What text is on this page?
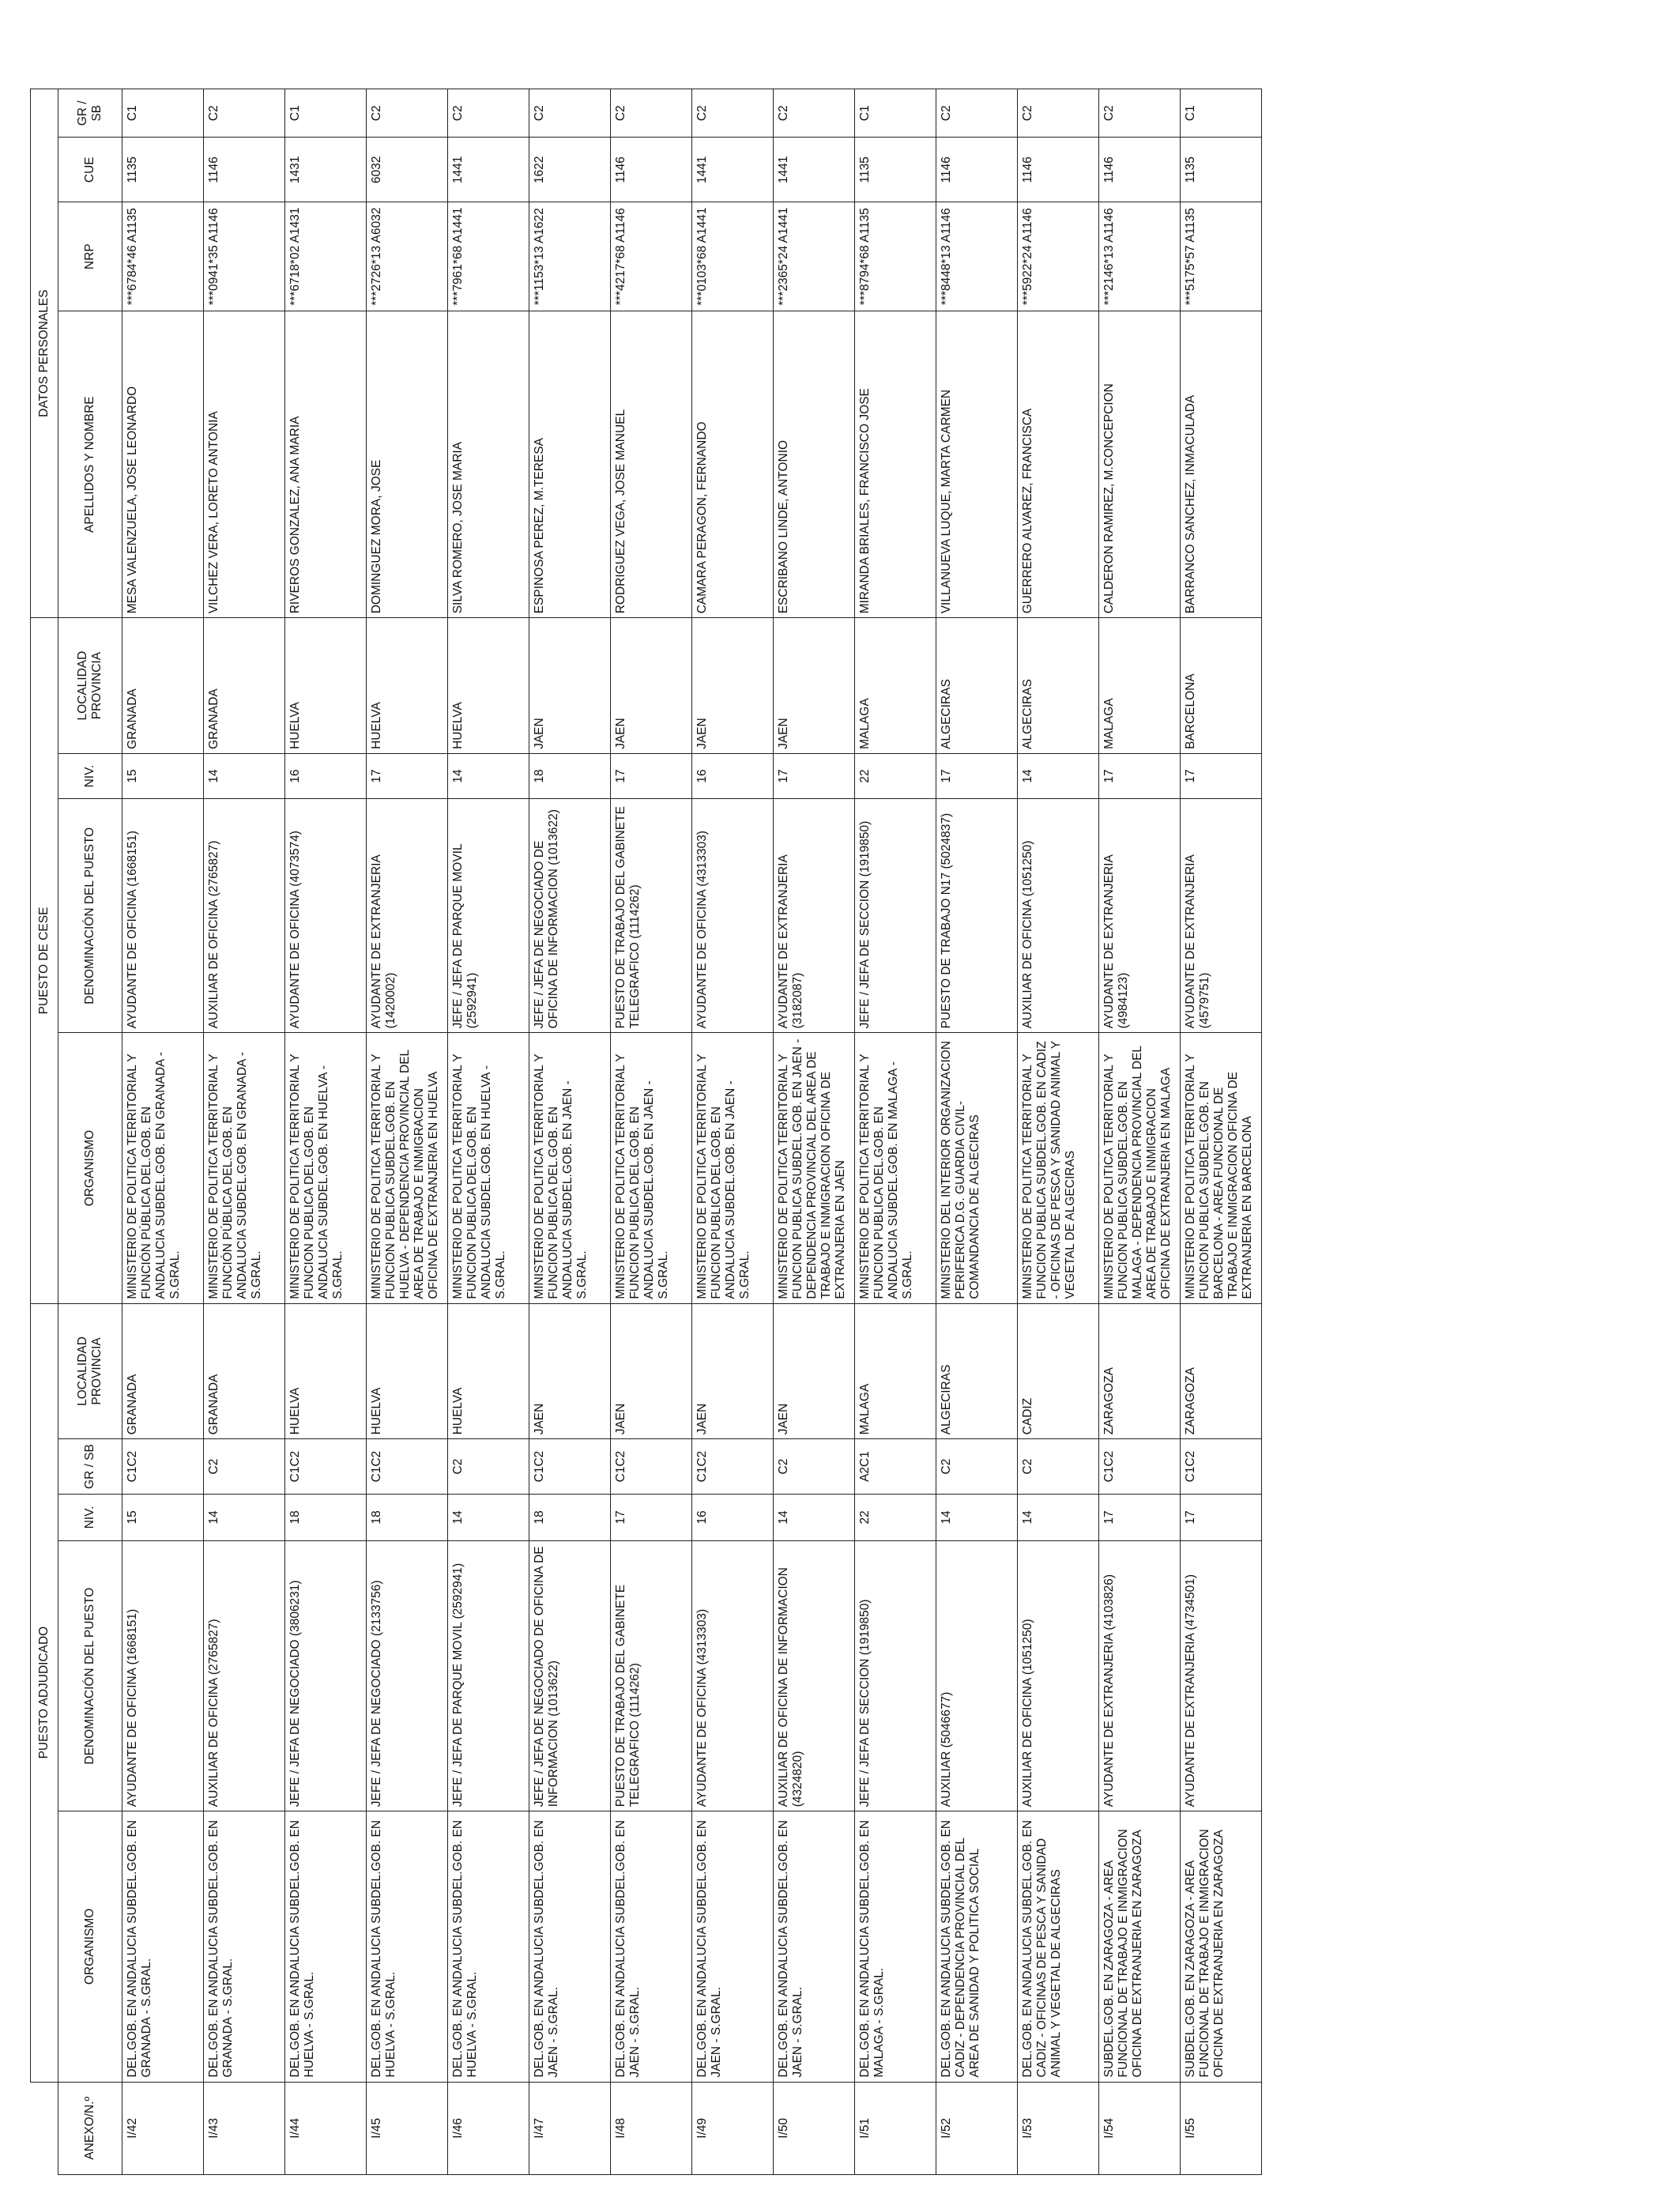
	PUESTO ADJUDICADO					PUESTO DE CESE				DATOS PERSONALES			
ANEXO/N.º	ORGANISMO	DENOMINACIÓN DEL PUESTO	NIV.	GR / SB	LOCALIDAD PROVINCIA	ORGANISMO	DENOMINACIÓN DEL PUESTO	NIV.	LOCALIDAD PROVINCIA	APELLIDOS Y NOMBRE	NRP	CUE	GR / SB
I/42	DEL.GOB. EN ANDALUCIA SUBDEL.GOB. EN GRANADA - S.GRAL.	AYUDANTE DE OFICINA (1668151)	15	C1C2	GRANADA	MINISTERIO DE POLITICA TERRITORIAL Y FUNCIÓN PÚBLICA DEL.GOB. EN ANDALUCIA SUBDEL.GOB. EN GRANADA - S.GRAL.	AYUDANTE DE OFICINA (1668151)	15	GRANADA	MESA VALENZUELA, JOSE LEONARDO	***6784*46 A1135	1135	C1
I/43	DEL.GOB. EN ANDALUCIA SUBDEL.GOB. EN GRANADA - S.GRAL.	AUXILIAR DE OFICINA (2765827)	14	C2	GRANADA	MINISTERIO DE POLITICA TERRITORIAL Y FUNCIÓN PÚBLICA DEL.GOB. EN ANDALUCIA SUBDEL.GOB. EN GRANADA - S.GRAL.	AUXILIAR DE OFICINA (2765827)	14	GRANADA	VILCHEZ VERA, LORETO ANTONIA	***0941*35 A1146	1146	C2
I/44	DEL.GOB. EN ANDALUCIA SUBDEL.GOB. EN HUELVA - S.GRAL.	JEFE / JEFA DE NEGOCIADO (3806231)	18	C1C2	HUELVA	MINISTERIO DE POLITICA TERRITORIAL Y FUNCION PUBLICA DEL.GOB. EN ANDALUCIA SUBDEL.GOB. EN HUELVA - S.GRAL.	AYUDANTE DE OFICINA (4073574)	16	HUELVA	RIVEROS GONZALEZ, ANA MARIA	***6718*02 A1431	1431	C1
I/45	DEL.GOB. EN ANDALUCIA SUBDEL.GOB. EN HUELVA - S.GRAL.	JEFE / JEFA DE NEGOCIADO (2133756)	18	C1C2	HUELVA	MINISTERIO DE POLITICA TERRITORIAL Y FUNCION PUBLICA SUBDEL.GOB. EN HUELVA - DEPENDENCIA PROVINCIAL DEL AREA DE TRABAJO E INMIGRACION OFICINA DE EXTRANJERIA EN HUELVA	AYUDANTE DE EXTRANJERIA (1420002)	17	HUELVA	DOMINGUEZ MORA, JOSE	***2726*13 A6032	6032	C2
I/46	DEL.GOB. EN ANDALUCIA SUBDEL.GOB. EN HUELVA - S.GRAL.	JEFE / JEFA DE PARQUE MOVIL (2592941)	14	C2	HUELVA	MINISTERIO DE POLITICA TERRITORIAL Y FUNCION PUBLICA DEL.GOB. EN ANDALUCIA SUBDEL.GOB. EN HUELVA - S.GRAL.	JEFE / JEFA DE PARQUE MOVIL (2592941)	14	HUELVA	SILVA ROMERO, JOSE MARIA	***7961*68 A1441	1441	C2
I/47	DEL.GOB. EN ANDALUCIA SUBDEL.GOB. EN JAEN - S.GRAL.	JEFE / JEFA DE NEGOCIADO DE OFICINA DE INFORMACION (1013622)	18	C1C2	JAEN	MINISTERIO DE POLITICA TERRITORIAL Y FUNCION PUBLICA DEL.GOB. EN ANDALUCIA SUBDEL.GOB. EN JAEN - S.GRAL.	JEFE / JEFA DE NEGOCIADO DE OFICINA DE INFORMACION (1013622)	18	JAEN	ESPINOSA PEREZ, M.TERESA	***1153*13 A1622	1622	C2
I/48	DEL.GOB. EN ANDALUCIA SUBDEL.GOB. EN JAEN - S.GRAL.	PUESTO DE TRABAJO DEL GABINETE TELEGRAFICO (1114262)	17	C1C2	JAEN	MINISTERIO DE POLITICA TERRITORIAL Y FUNCION PUBLICA DEL.GOB. EN ANDALUCIA SUBDEL.GOB. EN JAEN - S.GRAL.	PUESTO DE TRABAJO DEL GABINETE TELEGRAFICO (1114262)	17	JAEN	RODRIGUEZ VEGA, JOSE MANUEL	***4217*68 A1146	1146	C2
I/49	DEL.GOB. EN ANDALUCIA SUBDEL.GOB. EN JAEN - S.GRAL.	AYUDANTE DE OFICINA (4313303)	16	C1C2	JAEN	MINISTERIO DE POLITICA TERRITORIAL Y FUNCION PUBLICA DEL.GOB. EN ANDALUCIA SUBDEL.GOB. EN JAEN - S.GRAL.	AYUDANTE DE OFICINA (4313303)	16	JAEN	CAMARA PERAGON, FERNANDO	***0103*68 A1441	1441	C2
I/50	DEL.GOB. EN ANDALUCIA SUBDEL.GOB. EN JAEN - S.GRAL.	AUXILIAR DE OFICINA DE INFORMACION (4324820)	14	C2	JAEN	MINISTERIO DE POLITICA TERRITORIAL Y FUNCION PUBLICA SUBDEL.GOB. EN JAEN - DEPENDENCIA PROVINCIAL DEL AREA DE TRABAJO E INMIGRACION OFICINA DE EXTRANJERIA EN JAEN	AYUDANTE DE EXTRANJERIA (3182087)	17	JAEN	ESCRIBANO LINDE, ANTONIO	***2365*24 A1441	1441	C2
I/51	DEL.GOB. EN ANDALUCIA SUBDEL.GOB. EN MALAGA - S.GRAL.	JEFE / JEFA DE SECCION (1919850)	22	A2C1	MALAGA	MINISTERIO DE POLITICA TERRITORIAL Y FUNCION PUBLICA DEL.GOB. EN ANDALUCIA SUBDEL.GOB. EN MALAGA - S.GRAL.	JEFE / JEFA DE SECCION (1919850)	22	MALAGA	MIRANDA BRIALES, FRANCISCO JOSE	***8794*68 A1135	1135	C1
I/52	DEL.GOB. EN ANDALUCIA SUBDEL.GOB. EN CADIZ - DEPENDENCIA PROVINCIAL DEL AREA DE SANIDAD Y POLITICA SOCIAL	AUXILIAR (5046677)	14	C2	ALGECIRAS	MINISTERIO DEL INTERIOR ORGANIZACION PERIFERICA D.G. GUARDIA CIVIL- COMANDANCIA DE ALGECIRAS	PUESTO DE TRABAJO N17 (5024837)	17	ALGECIRAS	VILLANUEVA LUQUE, MARTA CARMEN	***8448*13 A1146	1146	C2
I/53	DEL.GOB. EN ANDALUCIA SUBDEL.GOB. EN CADIZ - OFICINAS DE PESCA Y SANIDAD ANIMAL Y VEGETAL DE ALGECIRAS	AUXILIAR DE OFICINA (1051250)	14	C2	CADIZ	MINISTERIO DE POLITICA TERRITORIAL Y FUNCION PUBLICA SUBDEL.GOB. EN CADIZ - OFICINAS DE PESCA Y SANIDAD ANIMAL Y VEGETAL DE ALGECIRAS	AUXILIAR DE OFICINA (1051250)	14	ALGECIRAS	GUERRERO ALVAREZ, FRANCISCA	***5922*24 A1146	1146	C2
I/54	SUBDEL.GOB. EN ZARAGOZA - AREA FUNCIONAL DE TRABAJO E INMIGRACION OFICINA DE EXTRANJERIA EN ZARAGOZA	AYUDANTE DE EXTRANJERIA (4103826)	17	C1C2	ZARAGOZA	MINISTERIO DE POLITICA TERRITORIAL Y FUNCION PUBLICA SUBDEL.GOB. EN MALAGA - DEPENDENCIA PROVINCIAL DEL AREA DE TRABAJO E INMIGRACION OFICINA DE EXTRANJERIA EN MALAGA	AYUDANTE DE EXTRANJERIA (4984123)	17	MALAGA	CALDERON RAMIREZ, M.CONCEPCION	***2146*13 A1146	1146	C2
I/55	SUBDEL.GOB. EN ZARAGOZA - AREA FUNCIONAL DE TRABAJO E INMIGRACION OFICINA DE EXTRANJERIA EN ZARAGOZA	AYUDANTE DE EXTRANJERIA (4734501)	17	C1C2	ZARAGOZA	MINISTERIO DE POLITICA TERRITORIAL Y FUNCION PUBLICA SUBDEL.GOB. EN BARCELONA - AREA FUNCIONAL DE TRABAJO E INMIGRACION OFICINA DE EXTRANJERIA EN BARCELONA	AYUDANTE DE EXTRANJERIA (4579751)	17	BARCELONA	BARRANCO SANCHEZ, INMACULADA	***5175*57 A1135	1135	C1
